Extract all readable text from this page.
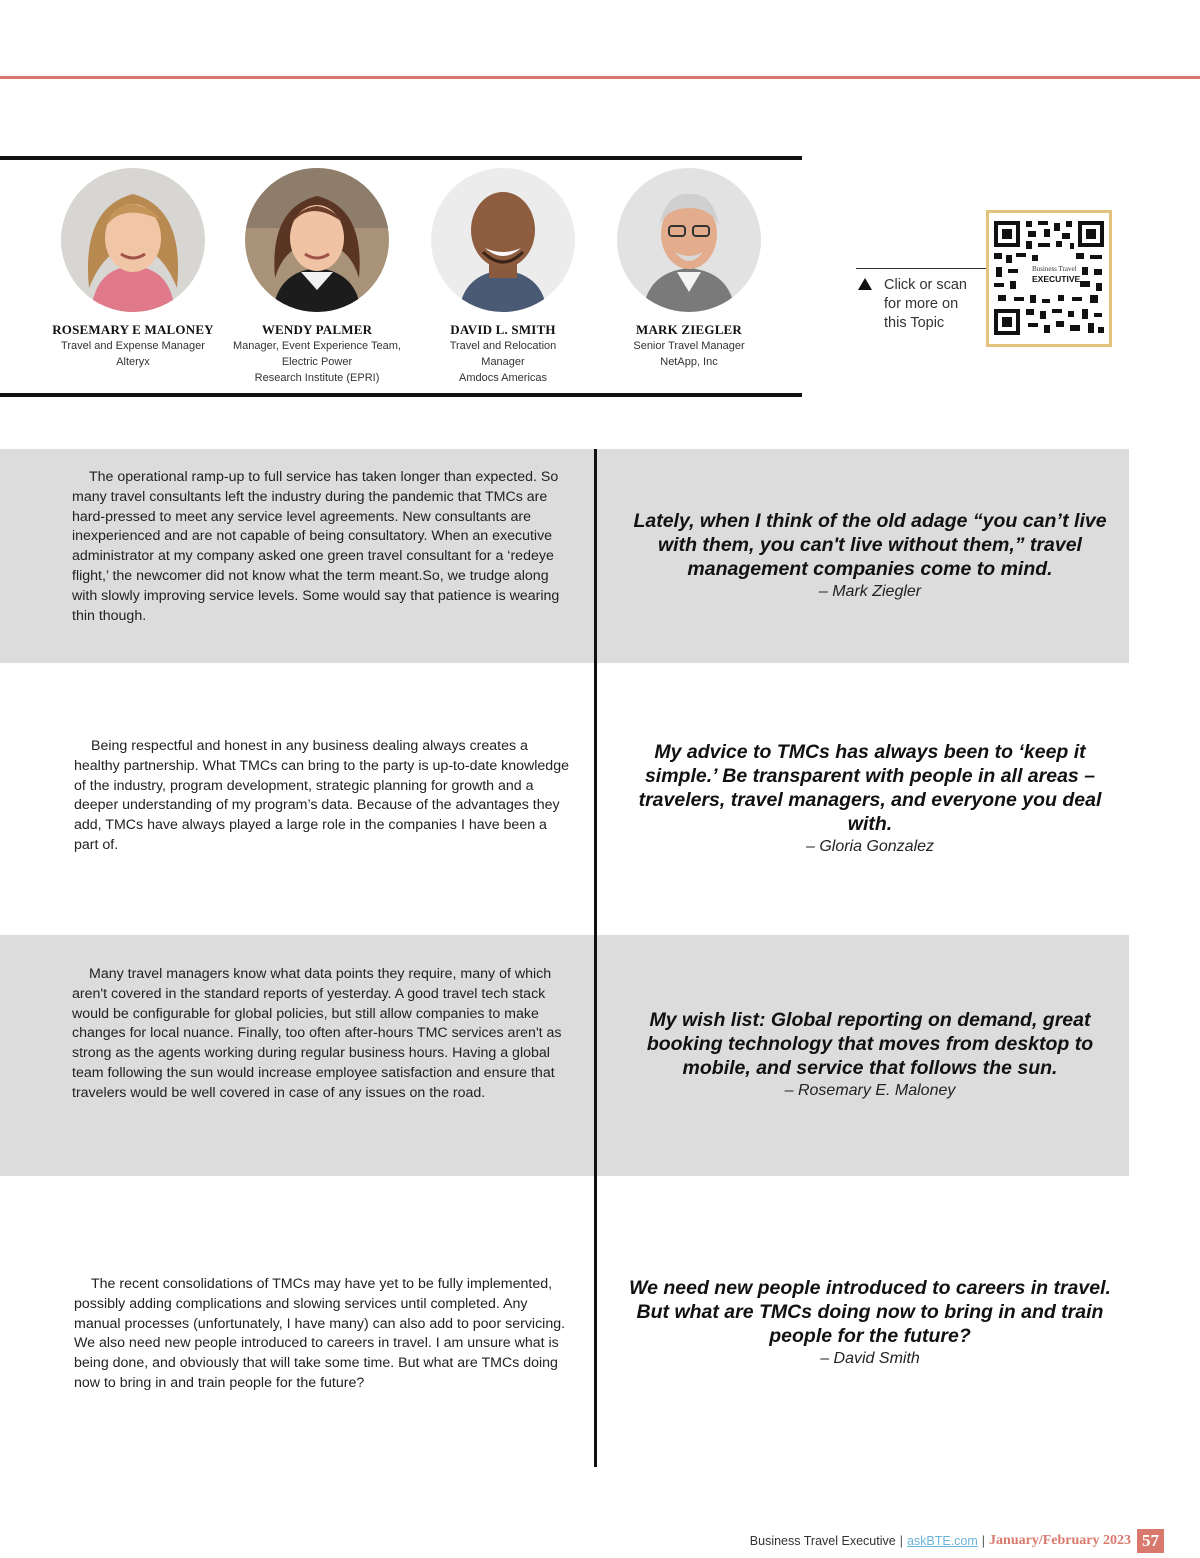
ROSEMARY E MALONEY
Travel and Expense Manager
Alteryx
WENDY PALMER
Manager, Event Experience Team,
Electric Power
Research Institute (EPRI)
DAVID L. SMITH
Travel and Relocation
Manager
Amdocs Americas
MARK ZIEGLER
Senior Travel Manager
NetApp, Inc
Click or scan
for more on
this Topic
Business Travel
EXECUTIVE

The operational ramp-up to full service has taken longer than expected. So many travel consultants left the industry during the pandemic that TMCs are hard-pressed to meet any service level agreements. New consultants are inexperienced and are not capable of being consultatory. When an executive administrator at my company asked one green travel consultant for a ‘redeye flight,’ the newcomer did not know what the term meant.So, we trudge along with slowly improving service levels. Some would say that patience is wearing thin though.

Lately, when I think of the old adage “you can’t live with them, you can't live without them,” travel management companies come to mind.
– Mark Ziegler

Being respectful and honest in any business dealing always creates a healthy partnership. What TMCs can bring to the party is up-to-date knowledge of the industry, program development, strategic planning for growth and a deeper understanding of my program’s data. Because of the advantages they add, TMCs have always played a large role in the companies I have been a part of.

My advice to TMCs has always been to ‘keep it simple.’ Be transparent with people in all areas – travelers, travel managers, and everyone you deal with.
– Gloria Gonzalez

Many travel managers know what data points they require, many of which aren't covered in the standard reports of yesterday. A good travel tech stack would be configurable for global policies, but still allow companies to make changes for local nuance. Finally, too often after-hours TMC services aren't as strong as the agents working during regular business hours. Having a global team following the sun would increase employee satisfaction and ensure that travelers would be well covered in case of any issues on the road.

My wish list: Global reporting on demand, great booking technology that moves from desktop to mobile, and service that follows the sun.
– Rosemary E. Maloney

The recent consolidations of TMCs may have yet to be fully implemented, possibly adding complications and slowing services until completed. Any manual processes (unfortunately, I have many) can also add to poor servicing. We also need new people introduced to careers in travel. I am unsure what is being done, and obviously that will take some time. But what are TMCs doing now to bring in and train people for the future?

We need new people introduced to careers in travel. But what are TMCs doing now to bring in and train people for the future?
– David Smith
Business Travel Executive | askBTE.com | January/February 2023 57
